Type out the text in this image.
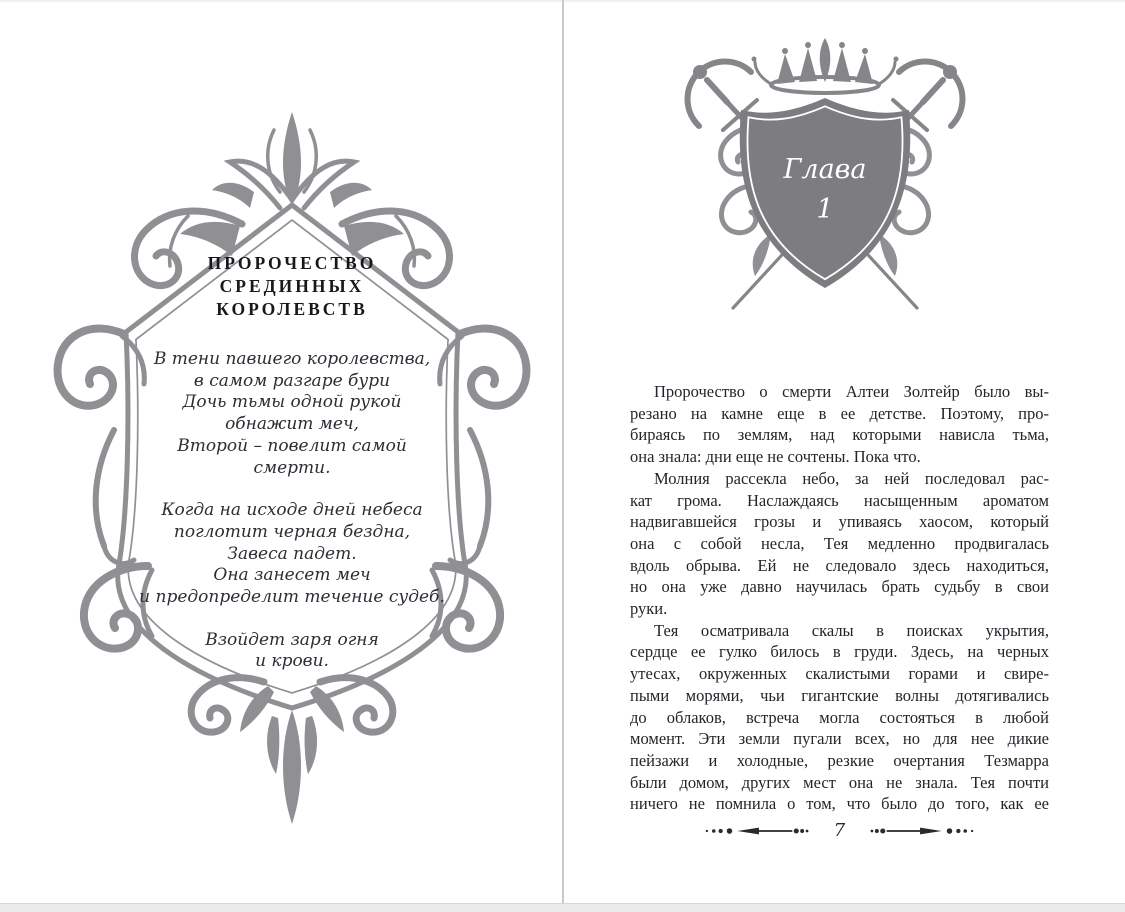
ПРОРОЧЕСТВО
СРЕДИННЫХ
КОРОЛЕВСТВ
В тени павшего королевства,
в самом разгаре бури
Дочь тьмы одной рукой
обнажит меч,
Второй – повелит самой
смерти.
Когда на исходе дней небеса
поглотит черная бездна,
Завеса падет.
Она занесет меч
и предопределит течение судеб.
Взойдет заря огня
и крови.
Глава
1
Пророчество о смерти Алтеи Золтейр было вы-
резано на камне еще в ее детстве. Поэтому, про-
бираясь по землям, над которыми нависла тьма,
она знала: дни еще не сочтены. Пока что.
Молния рассекла небо, за ней последовал рас-
кат грома. Наслаждаясь насыщенным ароматом
надвигавшейся грозы и упиваясь хаосом, который
она с собой несла, Тея медленно продвигалась
вдоль обрыва. Ей не следовало здесь находиться,
но она уже давно научилась брать судьбу в свои
руки.
Тея осматривала скалы в поисках укрытия,
сердце ее гулко билось в груди. Здесь, на черных
утесах, окруженных скалистыми горами и свире-
пыми морями, чьи гигантские волны дотягивались
до облаков, встреча могла состояться в любой
момент. Эти земли пугали всех, но для нее дикие
пейзажи и холодные, резкие очертания Тезмарра
были домом, других мест она не знала. Тея почти
ничего не помнила о том, что было до того, как ее
7
